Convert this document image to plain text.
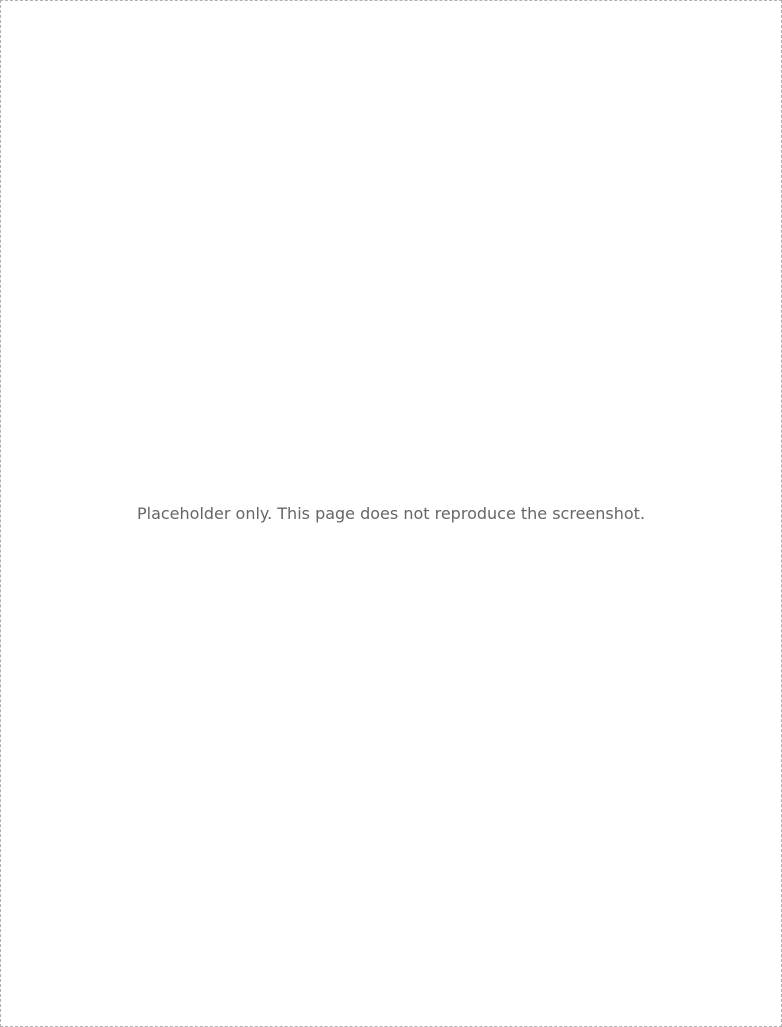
Placeholder only. This page does not reproduce the screenshot.
